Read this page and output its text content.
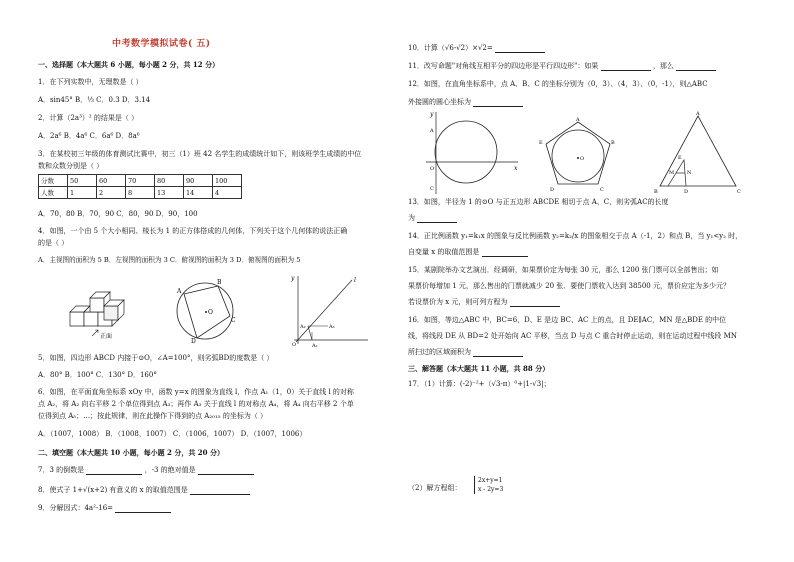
中考数学模拟试卷( 五)
一、选择题（本大题共 6 小题，每小题 2 分，共 12 分）
1．在下列实数中，无理数是（ ）
A．sin45° B．⅓ C．0.3 D．3.14
2．计算（2a³）² 的结果是（ ）
A．2a⁶ B．4a⁶ C．6a⁶ D．8a⁶
3．在某校初三年级的体育测试比赛中，初三（1）班 42 名学生的成绩统计如下，则该班学生成绩的中位
数和众数分别是（ ）
分数	50	60	70	80	90	100
人数	1	2	8	13	14	4
A．70，80 B．70，90 C．80，90 D．90，100
4．如图，一个由 5 个大小相同、棱长为 1 的正方体搭成的几何体，下列关于这个几何体的说法正确
的是（ ）
A．主视图的面积为 5 B．左视图的面积为 3 C．俯视图的面积为 3 D．俯视图的面积为 5
正面
O
A
B
C
D
y	l
O	A₁
A₂	A₃
5．如图，四边形 ABCD 内接于⊙O，∠A=100°，则劣弧BD的度数是（ ）
A．80° B．100° C．130° D．160°
6．如图，在平面直角坐标系 xOy 中，函数 y=x 的图象为直线 l，作点 A₁（1，0）关于直线 l 的对称
点 A₂，将 A₂ 向右平移 2 个单位得到点 A₃；再作 A₃ 关于直线 l 的对称点 A₄，将 A₄ 向右平移 2 个单
位得到点 A₅；…；按此规律，则在此操作下得到的点 A₂₀₁₅ 的坐标为（ ）
A．（1007，1008） B．（1008，1007） C．（1006，1007） D．（1007，1006）
二、填空题（本大题共 10 小题，每小题 2 分，共 20 分）
7．3 的倒数是	，-3 的绝对值是
8．使式子 1+√(x+2) 有意义的 x 的取值范围是
9．分解因式：4a²-16=
10．计算（√6-√2）×√2=
11．改写命题"对角线互相平分的四边形是平行四边形"：如果	，那么
12．如图，在直角坐标系中，点 A、B、C 的坐标分别为（0，3）、（4，3）、（0，-1），则△ABC
外接圆的圆心坐标为
y
x
O
A
C
O
A
B
C
D
E
A
B	C
E
M	N
D
13．如图，半径为 1 的⊙O 与正五边形 ABCDE 相切于点 A、C，则劣弧AC的长度
为
14．正比例函数 y₁=k₁x 的图象与反比例函数 y₂=k₂/x 的图象相交于点 A（-1，2）和点 B，当 y₁<y₂ 时，
自变量 x 的取值范围是
15．某剧院举办文艺演出．经调研，如果票价定为每张 30 元，那么 1200 张门票可以全部售出；如
果票价每增加 1 元，那么售出的门票就减少 20 张．要使门票收入达到 38500 元，票价应定为多少元？
若设票价为 x 元，则可列方程为
16．如图，等边△ABC 中，BC=6，D、E 是边 BC、AC 上的点，且 DE∥AC，MN 是△BDE 的中位
线，将线段 DE 从 BD=2 处开始向 AC 平移，当点 D 与点 C 重合时停止运动，则在运动过程中线段 MN
所扫过的区域面积为
三、解答题（本大题共 11 小题，共 88 分）
17．（1）计算：(-2)⁻²+（√3-π）⁰+|1-√3|；
（2）解方程组：
2x+y=1
x - 2y=3
